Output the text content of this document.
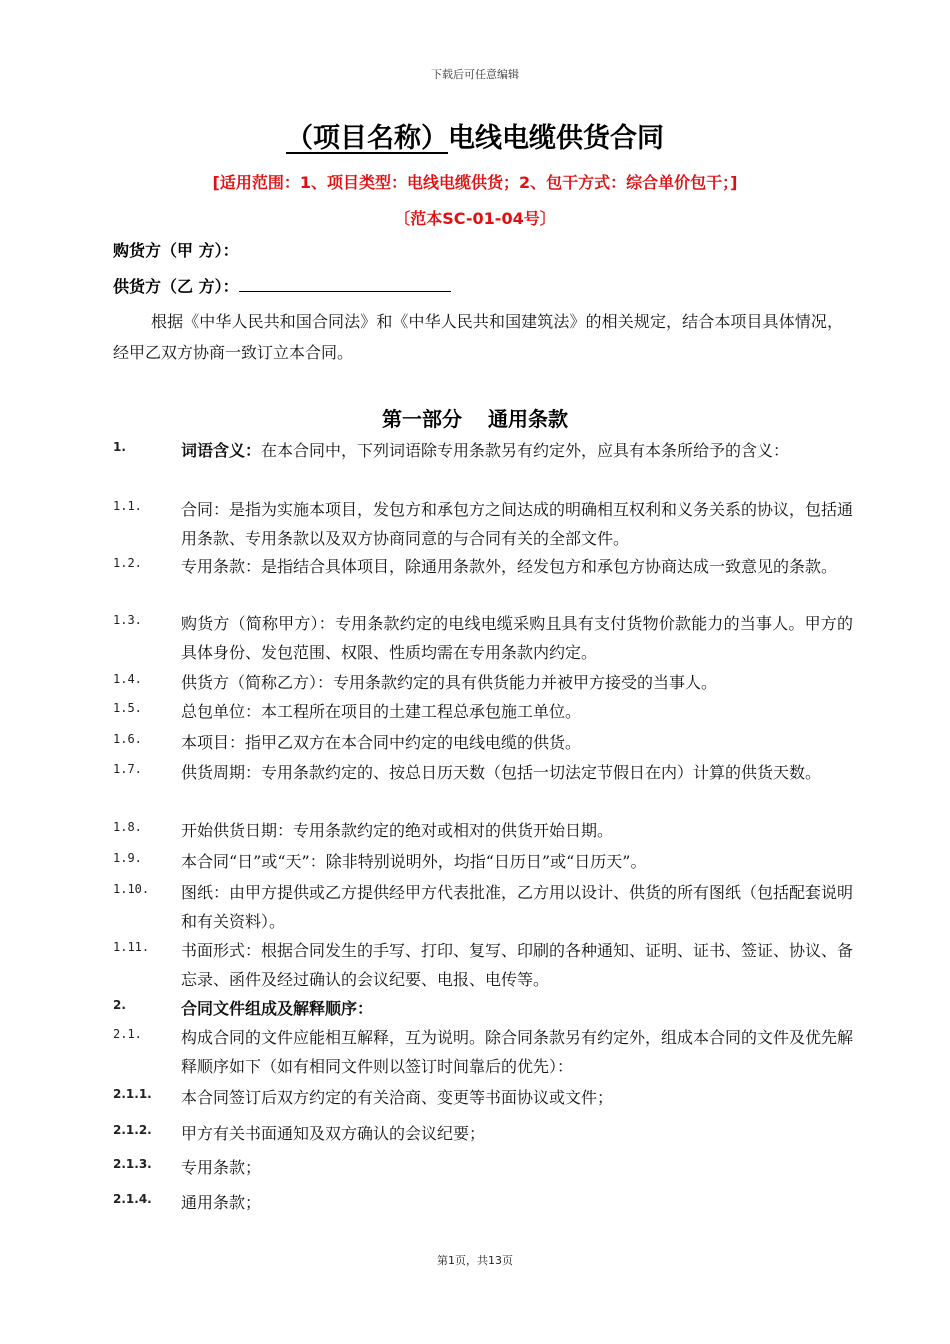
下载后可任意编辑
（项目名称）电线电缆供货合同
[适用范围：1、项目类型：电线电缆供货；2、包干方式：综合单价包干；]
〔范本SC-01-04号〕
购货方（甲 方）：
供货方（乙 方）：
根据《中华人民共和国合同法》和《中华人民共和国建筑法》的相关规定，结合本项目具体情况，经甲乙双方协商一致订立本合同。
第一部分 通用条款
1.	词语含义：在本合同中，下列词语除专用条款另有约定外，应具有本条所给予的含义：
1.1. 合同：是指为实施本项目，发包方和承包方之间达成的明确相互权利和义务关系的协议，包括通用条款、专用条款以及双方协商同意的与合同有关的全部文件。
1.2. 专用条款：是指结合具体项目，除通用条款外，经发包方和承包方协商达成一致意见的条款。
1.3. 购货方（简称甲方）：专用条款约定的电线电缆采购且具有支付货物价款能力的当事人。甲方的具体身份、发包范围、权限、性质均需在专用条款内约定。
1.4. 供货方（简称乙方）：专用条款约定的具有供货能力并被甲方接受的当事人。
1.5. 总包单位：本工程所在项目的土建工程总承包施工单位。
1.6. 本项目：指甲乙双方在本合同中约定的电线电缆的供货。
1.7. 供货周期：专用条款约定的、按总日历天数（包括一切法定节假日在内）计算的供货天数。
1.8. 开始供货日期：专用条款约定的绝对或相对的供货开始日期。
1.9. 本合同“日”或“天”：除非特别说明外，均指“日历日”或“日历天”。
1.10. 图纸：由甲方提供或乙方提供经甲方代表批准，乙方用以设计、供货的所有图纸（包括配套说明和有关资料）。
1.11. 书面形式：根据合同发生的手写、打印、复写、印刷的各种通知、证明、证书、签证、协议、备忘录、函件及经过确认的会议纪要、电报、电传等。
2.	合同文件组成及解释顺序：
2.1. 构成合同的文件应能相互解释，互为说明。除合同条款另有约定外，组成本合同的文件及优先解释顺序如下（如有相同文件则以签订时间靠后的优先）：
2.1.1. 本合同签订后双方约定的有关洽商、变更等书面协议或文件；
2.1.2. 甲方有关书面通知及双方确认的会议纪要；
2.1.3. 专用条款；
2.1.4. 通用条款；
第1页，共13页
